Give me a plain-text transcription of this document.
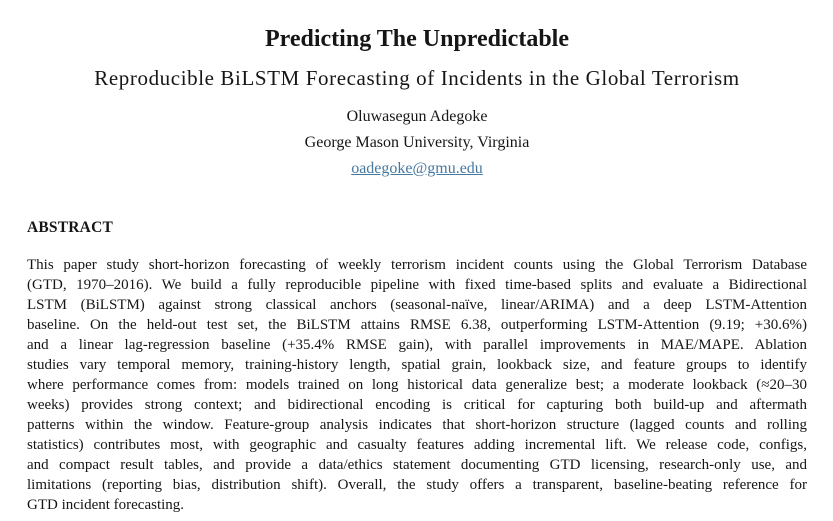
Predicting The Unpredictable
Reproducible BiLSTM Forecasting of Incidents in the Global Terrorism
Oluwasegun Adegoke
George Mason University, Virginia
oadegoke@gmu.edu
ABSTRACT
This paper study short-horizon forecasting of weekly terrorism incident counts using the Global Terrorism Database
(GTD, 1970–2016). We build a fully reproducible pipeline with fixed time-based splits and evaluate a Bidirectional
LSTM (BiLSTM) against strong classical anchors (seasonal-naïve, linear/ARIMA) and a deep LSTM-Attention
baseline. On the held-out test set, the BiLSTM attains RMSE 6.38, outperforming LSTM-Attention (9.19; +30.6%)
and a linear lag-regression baseline (+35.4% RMSE gain), with parallel improvements in MAE/MAPE. Ablation
studies vary temporal memory, training-history length, spatial grain, lookback size, and feature groups to identify
where performance comes from: models trained on long historical data generalize best; a moderate lookback (≈20–30
weeks) provides strong context; and bidirectional encoding is critical for capturing both build-up and aftermath
patterns within the window. Feature-group analysis indicates that short-horizon structure (lagged counts and rolling
statistics) contributes most, with geographic and casualty features adding incremental lift. We release code, configs,
and compact result tables, and provide a data/ethics statement documenting GTD licensing, research-only use, and
limitations (reporting bias, distribution shift). Overall, the study offers a transparent, baseline-beating reference for
GTD incident forecasting.
